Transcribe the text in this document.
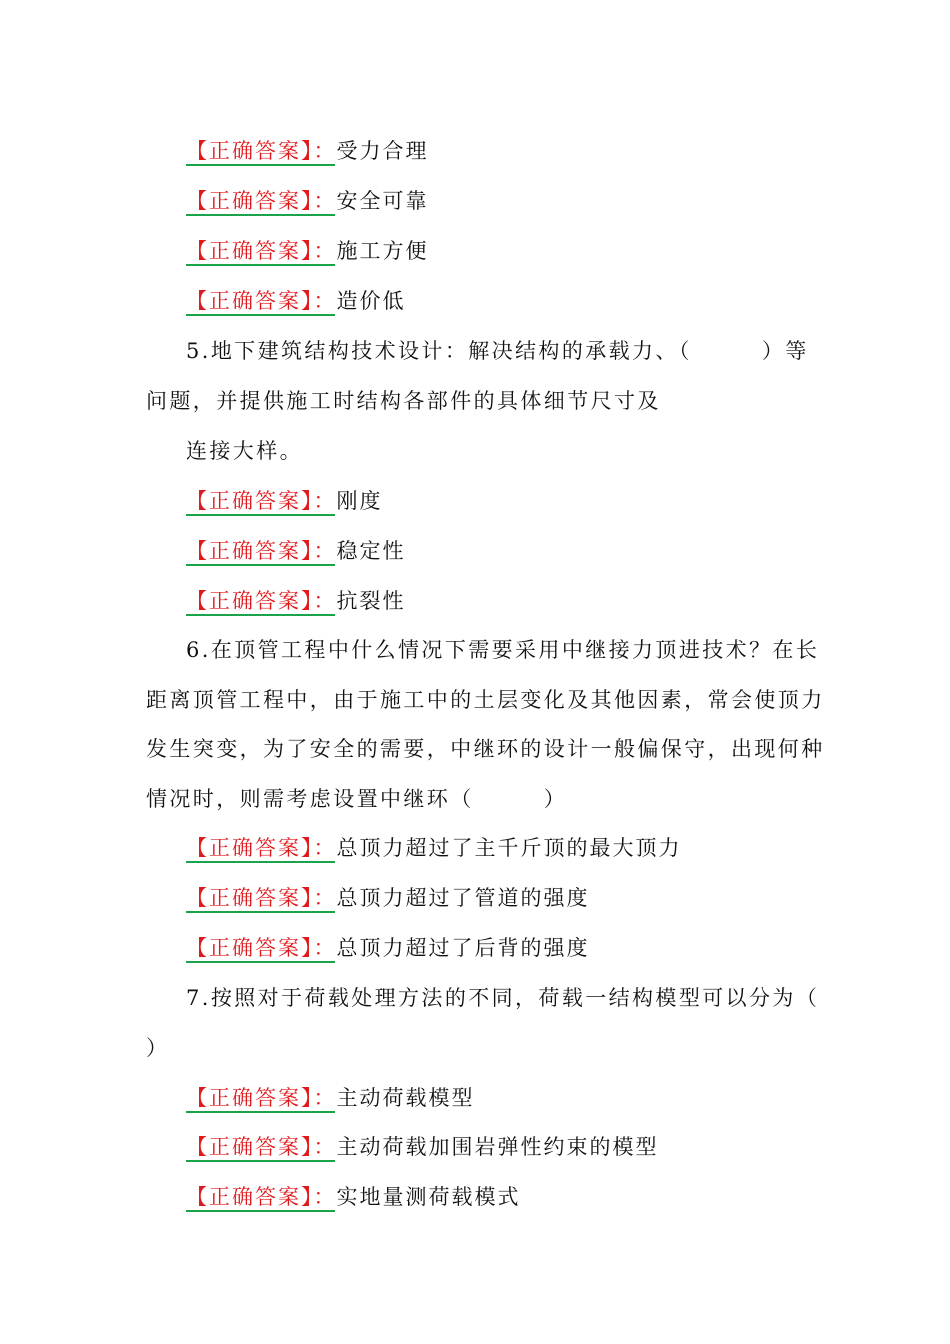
【正确答案】：受力合理
【正确答案】：安全可靠
【正确答案】：施工方便
【正确答案】：造价低
5.地下建筑结构技术设计：解决结构的承载力、（　　　）等
问题，并提供施工时结构各部件的具体细节尺寸及
连接大样。
【正确答案】：刚度
【正确答案】：稳定性
【正确答案】：抗裂性
6.在顶管工程中什么情况下需要采用中继接力顶进技术？在长
距离顶管工程中，由于施工中的土层变化及其他因素，常会使顶力
发生突变，为了安全的需要，中继环的设计一般偏保守，出现何种
情况时，则需考虑设置中继环（　　　）
【正确答案】：总顶力超过了主千斤顶的最大顶力
【正确答案】：总顶力超过了管道的强度
【正确答案】：总顶力超过了后背的强度
7.按照对于荷载处理方法的不同，荷载一结构模型可以分为（
）
【正确答案】：主动荷载模型
【正确答案】：主动荷载加围岩弹性约束的模型
【正确答案】：实地量测荷载模式
